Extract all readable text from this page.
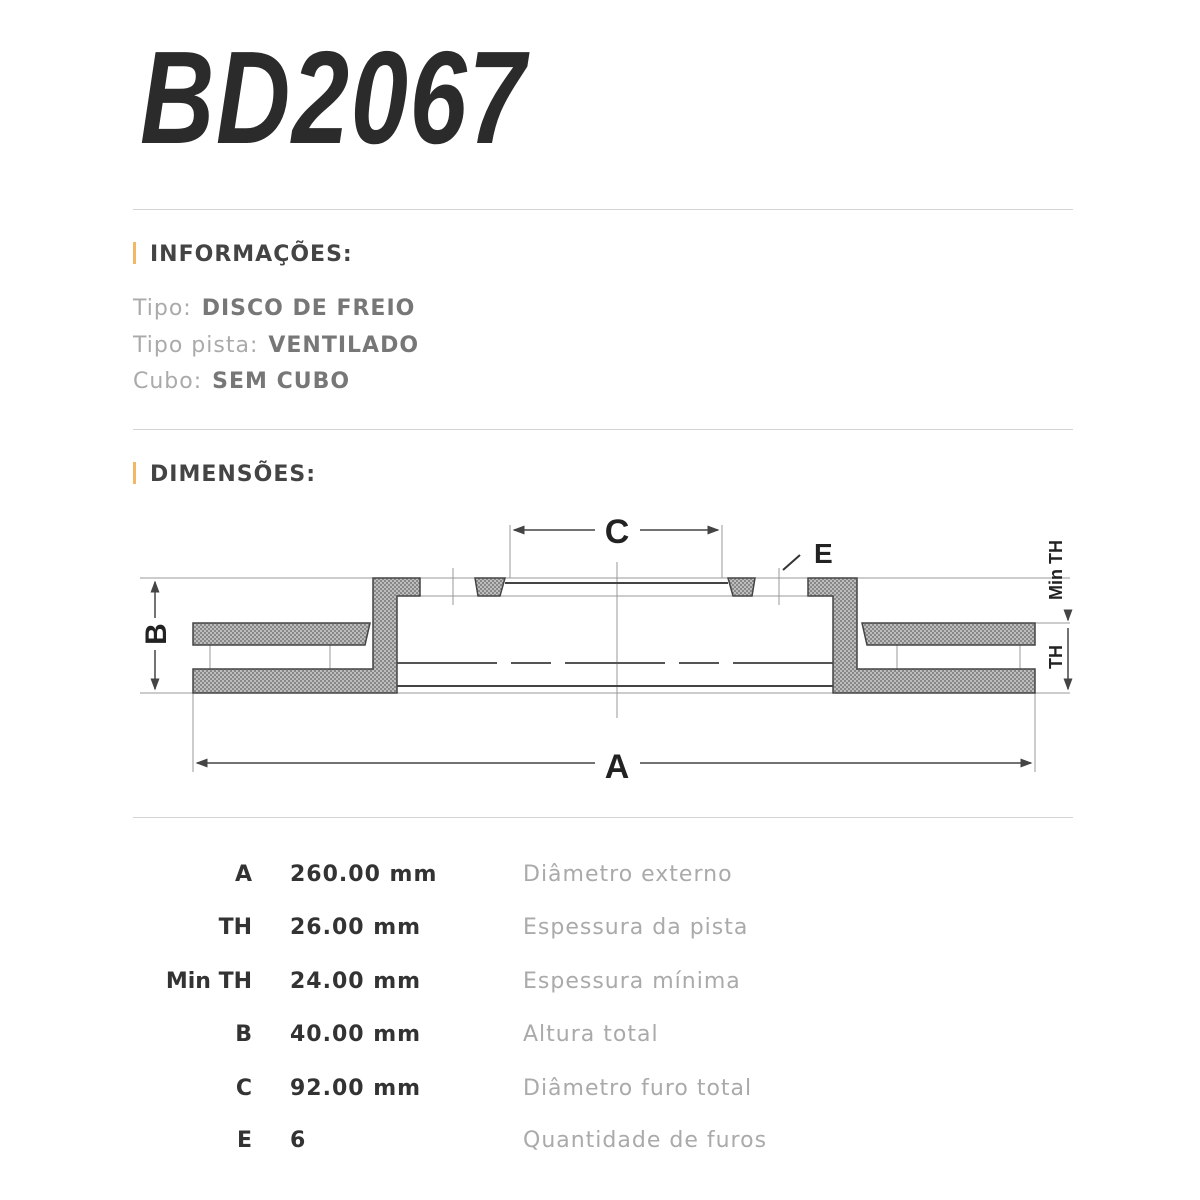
BD2067
INFORMAÇÕES:
Tipo: DISCO DE FREIO
Tipo pista: VENTILADO
Cubo: SEM CUBO
DIMENSÕES:
A
C
E
B
Min TH
TH
A 260.00 mm	Diâmetro externo
TH 26.00 mm	Espessura da pista
Min TH 24.00 mm	Espessura mínima
B 40.00 mm	Altura total
C 92.00 mm	Diâmetro furo total
E 6	Quantidade de furos
